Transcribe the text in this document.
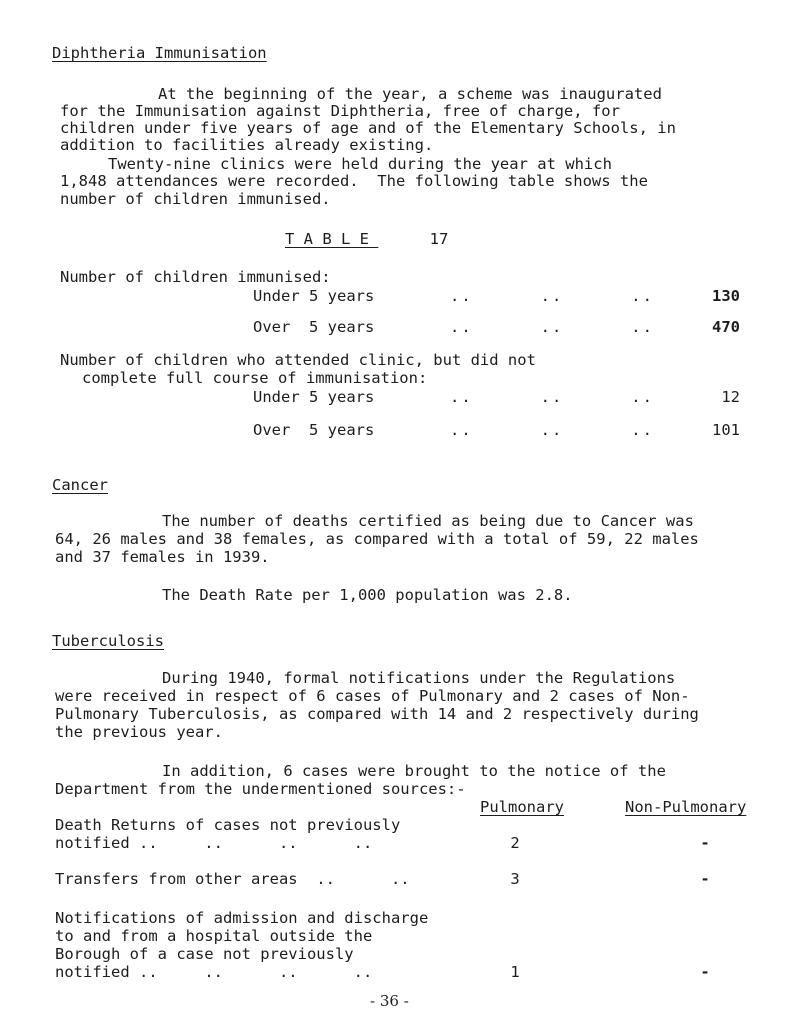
Diphtheria Immunisation
At the beginning of the year, a scheme was inaugurated
for the Immunisation against Diphtheria, free of charge, for
children under five years of age and of the Elementary Schools, in
addition to facilities already existing.
Twenty-nine clinics were held during the year at which
1,848 attendances were recorded.  The following table shows the
number of children immunised.
T A B L E	17
Number of children immunised:
Under 5 years	..      ..      ..	130
Over  5 years	..      ..      ..	470
Number of children who attended clinic, but did not
complete full course of immunisation:
Under 5 years	..      ..      ..	12
Over  5 years	..      ..      ..	101
Cancer
The number of deaths certified as being due to Cancer was
64, 26 males and 38 females, as compared with a total of 59, 22 males
and 37 females in 1939.
The Death Rate per 1,000 population was 2.8.
Tuberculosis
During 1940, formal notifications under the Regulations
were received in respect of 6 cases of Pulmonary and 2 cases of Non-
Pulmonary Tuberculosis, as compared with 14 and 2 respectively during
the previous year.
In addition, 6 cases were brought to the notice of the
Department from the undermentioned sources:-
Pulmonary	Non-Pulmonary
Death Returns of cases not previously
notified ..     ..      ..      ..	2	-
Transfers from other areas  ..      ..	3	-
Notifications of admission and discharge
to and from a hospital outside the
Borough of a case not previously
notified ..     ..      ..      ..	1	-
- 36 -
